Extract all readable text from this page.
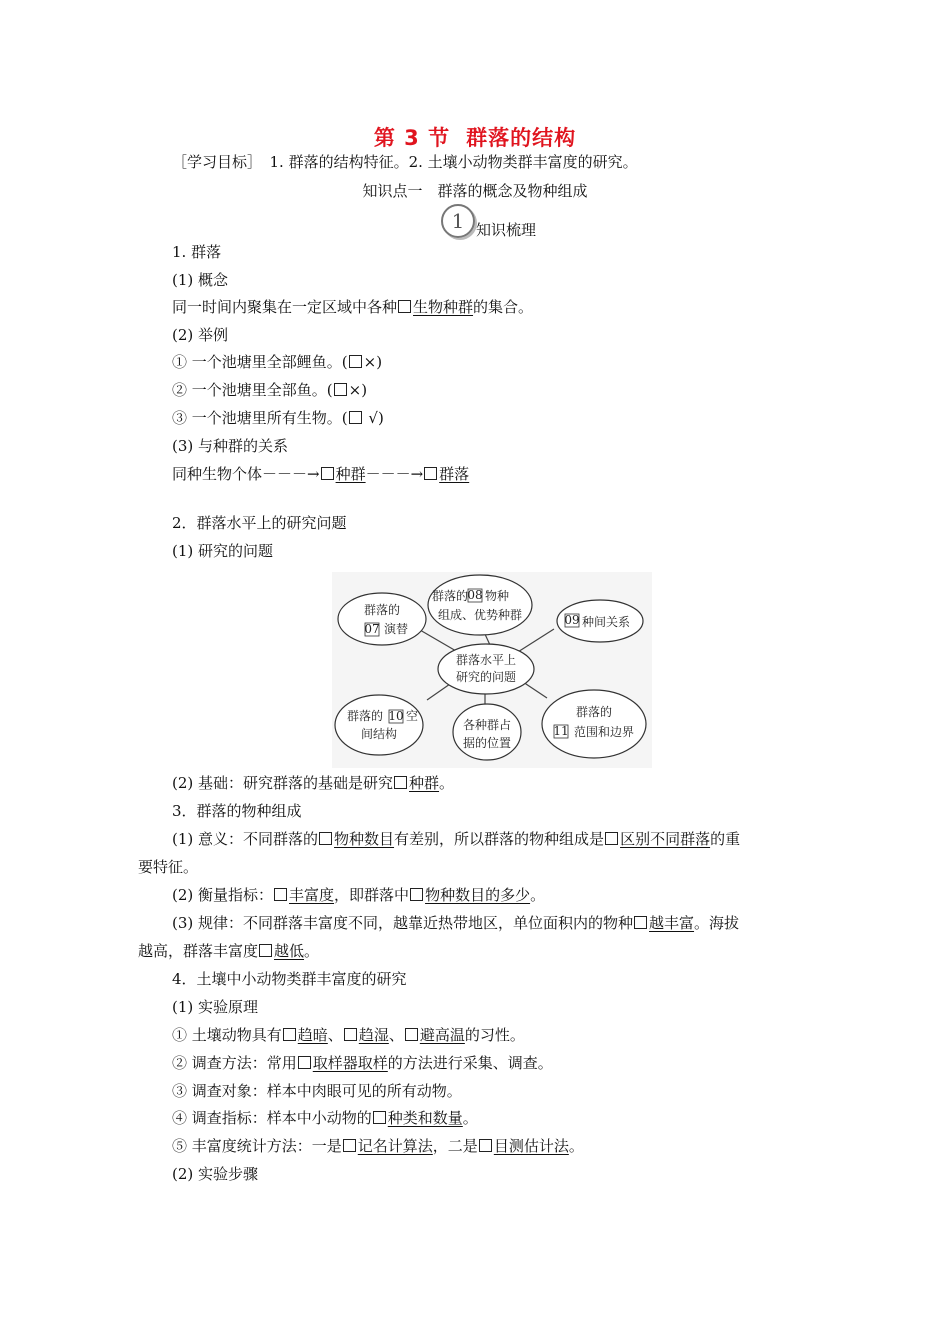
第 3 节 群落的结构
［学习目标］　1. 群落的结构特征。2. 土壤小动物类群丰富度的研究。
知识点一　群落的概念及物种组成
1 知识梳理
1. 群落
(1) 概念
同一时间内聚集在一定区域中各种 生物种群的集合。
(2) 举例
① 一个池塘里全部鲤鱼。( ×)
② 一个池塘里全部鱼。( ×)
③ 一个池塘里所有生物。( √)
(3) 与种群的关系
同种生物个体－－－→ 种群－－－→ 群落
2．群落水平上的研究问题
(1) 研究的问题
群落的
07 演替
群落的 08 物种
组成、优势种群	09 种间关系
群落水平上
研究的问题
群落的 10 空
间结构
各种群占
据的位置
群落的
11 范围和边界
(2) 基础：研究群落的基础是研究 种群。
3．群落的物种组成
(1) 意义：不同群落的 物种数目有差别，所以群落的物种组成是 区别不同群落的重
要特征。
(2) 衡量指标： 丰富度，即群落中 物种数目的多少。
(3) 规律：不同群落丰富度不同，越靠近热带地区，单位面积内的物种 越丰富。海拔
越高，群落丰富度 越低。
4．土壤中小动物类群丰富度的研究
(1) 实验原理
① 土壤动物具有 趋暗、 趋湿、 避高温的习性。
② 调查方法：常用 取样器取样的方法进行采集、调查。
③ 调查对象：样本中肉眼可见的所有动物。
④ 调查指标：样本中小动物的 种类和数量。
⑤ 丰富度统计方法：一是 记名计算法，二是 目测估计法。
(2) 实验步骤
